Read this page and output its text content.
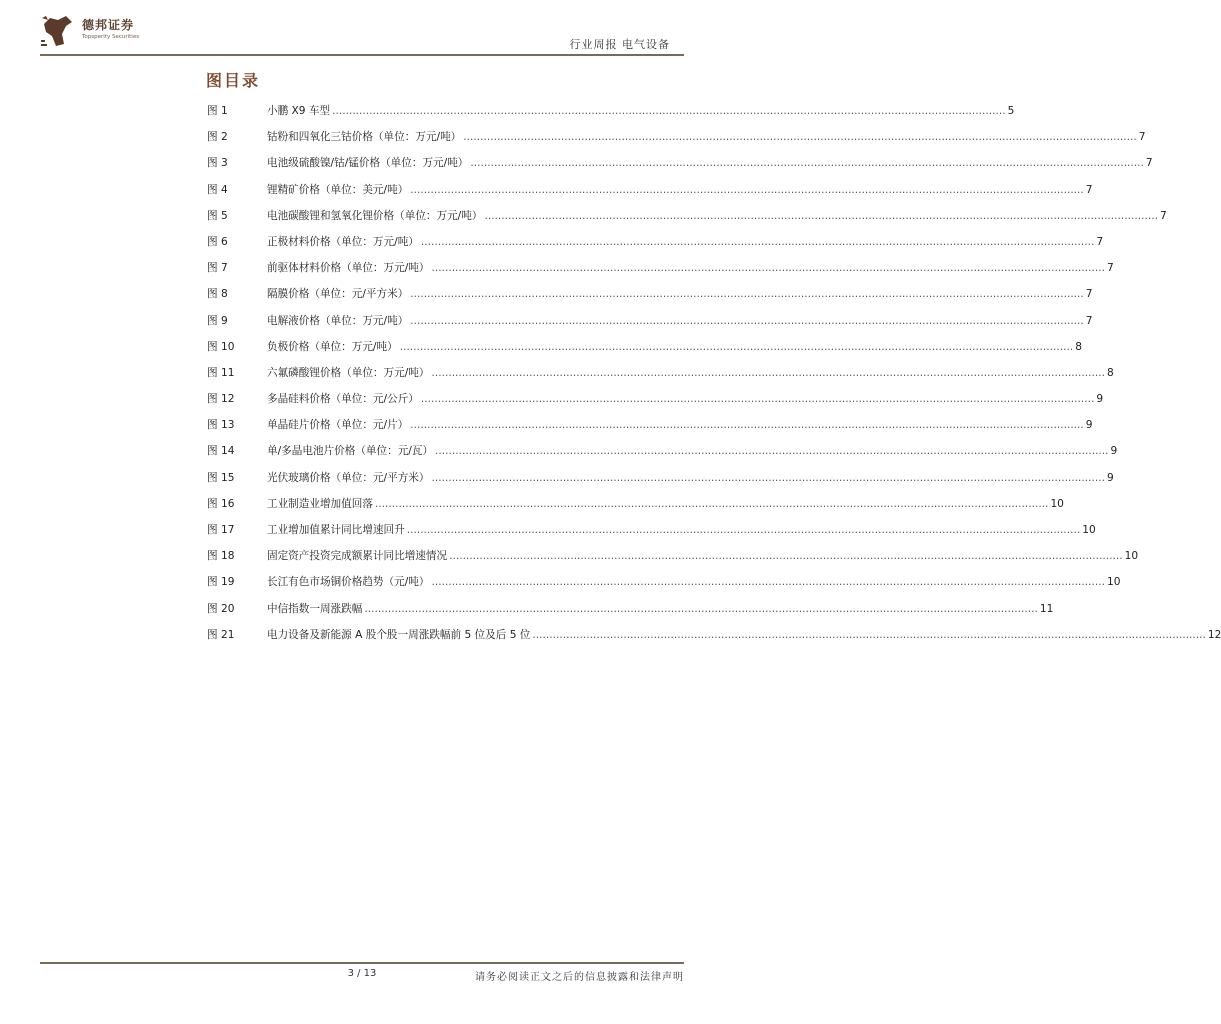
德邦证券
Topsperity Securities
行业周报 电气设备
图目录
图 1	小鹏 X9 车型 ........................................................................................................................................................................................................ 5
图 2	钴粉和四氧化三钴价格（单位：万元/吨） ........................................................................................................................................................................................................ 7
图 3	电池级硫酸镍/钴/锰价格（单位：万元/吨） ........................................................................................................................................................................................................ 7
图 4	锂精矿价格（单位：美元/吨） ........................................................................................................................................................................................................ 7
图 5	电池碳酸锂和氢氧化锂价格（单位：万元/吨） ........................................................................................................................................................................................................ 7
图 6	正极材料价格（单位：万元/吨） ........................................................................................................................................................................................................ 7
图 7	前驱体材料价格（单位：万元/吨） ........................................................................................................................................................................................................ 7
图 8	隔膜价格（单位：元/平方米） ........................................................................................................................................................................................................ 7
图 9	电解液价格（单位：万元/吨） ........................................................................................................................................................................................................ 7
图 10	负极价格（单位：万元/吨） ........................................................................................................................................................................................................ 8
图 11	六氟磷酸锂价格（单位：万元/吨） ........................................................................................................................................................................................................ 8
图 12	多晶硅料价格（单位：元/公斤） ........................................................................................................................................................................................................ 9
图 13	单晶硅片价格（单位：元/片） ........................................................................................................................................................................................................ 9
图 14	单/多晶电池片价格（单位：元/瓦） ........................................................................................................................................................................................................ 9
图 15	光伏玻璃价格（单位：元/平方米） ........................................................................................................................................................................................................ 9
图 16	工业制造业增加值回落 ........................................................................................................................................................................................................ 10
图 17	工业增加值累计同比增速回升 ........................................................................................................................................................................................................ 10
图 18	固定资产投资完成额累计同比增速情况 ........................................................................................................................................................................................................ 10
图 19	长江有色市场铜价格趋势（元/吨） ........................................................................................................................................................................................................ 10
图 20	中信指数一周涨跌幅 ........................................................................................................................................................................................................ 11
图 21	电力设备及新能源 A 股个股一周涨跌幅前 5 位及后 5 位 ........................................................................................................................................................................................................ 12
3 / 13	请务必阅读正文之后的信息披露和法律声明
